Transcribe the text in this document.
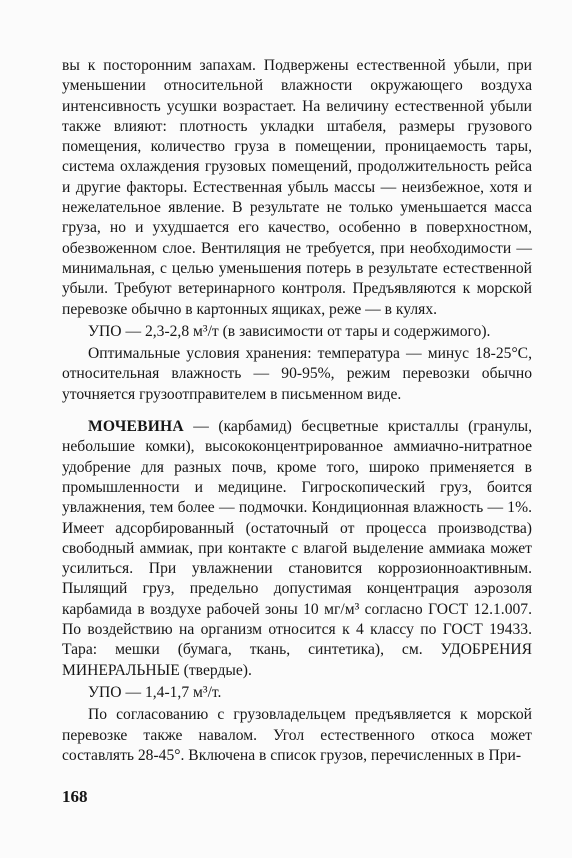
вы к посторонним запахам. Подвержены естественной убыли, при уменьшении относительной влажности окружающего воздуха интенсивность усушки возрастает. На величину естественной убыли также влияют: плотность укладки штабеля, размеры грузового помещения, количество груза в помещении, проницаемость тары, система охлаждения грузовых помещений, продолжительность рейса и другие факторы. Естественная убыль массы — неизбежное, хотя и нежелательное явление. В результате не только уменьшается масса груза, но и ухудшается его качество, особенно в поверхностном, обезвоженном слое. Вентиляция не требуется, при необходимости — минимальная, с целью уменьшения потерь в результате естественной убыли. Требуют ветеринарного контроля. Предъявляются к морской перевозке обычно в картонных ящиках, реже — в кулях.

УПО — 2,3-2,8 м³/т (в зависимости от тары и содержимого).

Оптимальные условия хранения: температура — минус 18-25°С, относительная влажность — 90-95%, режим перевозки обычно уточняется грузоотправителем в письменном виде.

МОЧЕВИНА — (карбамид) бесцветные кристаллы (гранулы, небольшие комки), высококонцентрированное аммиачно-нитратное удобрение для разных почв, кроме того, широко применяется в промышленности и медицине. Гигроскопический груз, боится увлажнения, тем более — подмочки. Кондиционная влажность — 1%. Имеет адсорбированный (остаточный от процесса производства) свободный аммиак, при контакте с влагой выделение аммиака может усилиться. При увлажнении становится коррозионноактивным. Пылящий груз, предельно допустимая концентрация аэрозоля карбамида в воздухе рабочей зоны 10 мг/м³ согласно ГОСТ 12.1.007. По воздействию на организм относится к 4 классу по ГОСТ 19433. Тара: мешки (бумага, ткань, синтетика), см. УДОБРЕНИЯ МИНЕРАЛЬНЫЕ (твердые).

УПО — 1,4-1,7 м³/т.

По согласованию с грузовладельцем предъявляется к морской перевозке также навалом. Угол естественного откоса может составлять 28-45°. Включена в список грузов, перечисленных в При-

168
